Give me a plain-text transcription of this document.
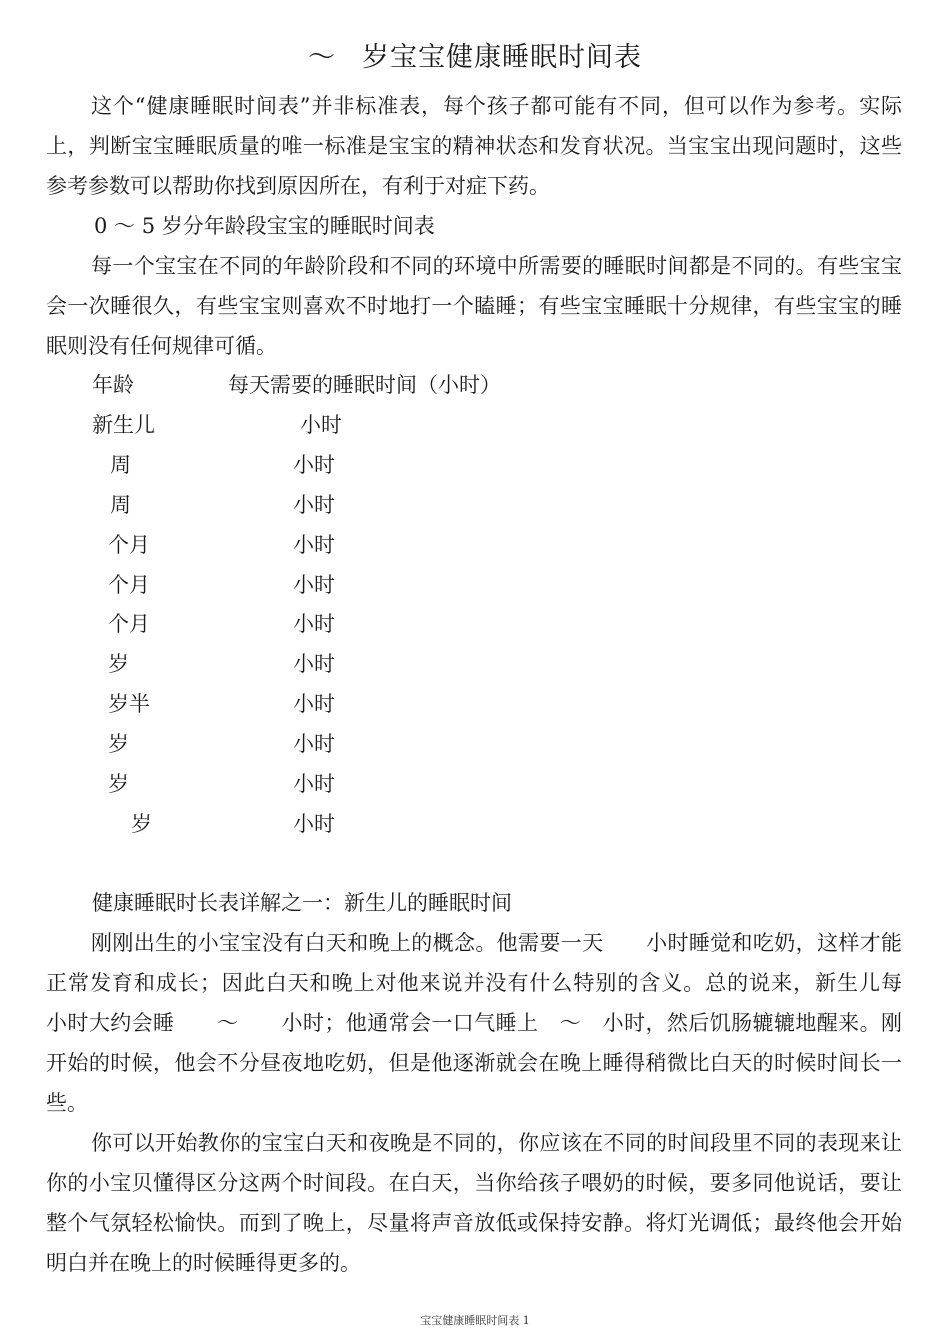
～ 岁宝宝健康睡眠时间表

这个“健康睡眠时间表”并非标准表，每个孩子都可能有不同，但可以作为参考。实际上，判断宝宝睡眠质量的唯一标准是宝宝的精神状态和发育状况。当宝宝出现问题时，这些参考参数可以帮助你找到原因所在，有利于对症下药。

0 ～ 5 岁分年龄段宝宝的睡眠时间表

每一个宝宝在不同的年龄阶段和不同的环境中所需要的睡眠时间都是不同的。有些宝宝会一次睡很久，有些宝宝则喜欢不时地打一个瞌睡；有些宝宝睡眠十分规律，有些宝宝的睡眠则没有任何规律可循。

年龄	每天需要的睡眠时间（小时）
新生儿	小时
周	小时
周	小时
个月	小时
个月	小时
个月	小时
岁	小时
岁半	小时
岁	小时
岁	小时
岁	小时

健康睡眠时长表详解之一：新生儿的睡眠时间

刚刚出生的小宝宝没有白天和晚上的概念。他需要一天　　小时睡觉和吃奶，这样才能正常发育和成长；因此白天和晚上对他来说并没有什么特别的含义。总的说来，新生儿每　　小时大约会睡　　～　　小时；他通常会一口气睡上　～　小时，然后饥肠辘辘地醒来。刚开始的时候，他会不分昼夜地吃奶，但是他逐渐就会在晚上睡得稍微比白天的时候时间长一些。

你可以开始教你的宝宝白天和夜晚是不同的，你应该在不同的时间段里不同的表现来让你的小宝贝懂得区分这两个时间段。在白天，当你给孩子喂奶的时候，要多同他说话，要让整个气氛轻松愉快。而到了晚上，尽量将声音放低或保持安静。将灯光调低；最终他会开始明白并在晚上的时候睡得更多的。

宝宝健康睡眠时间表 1
